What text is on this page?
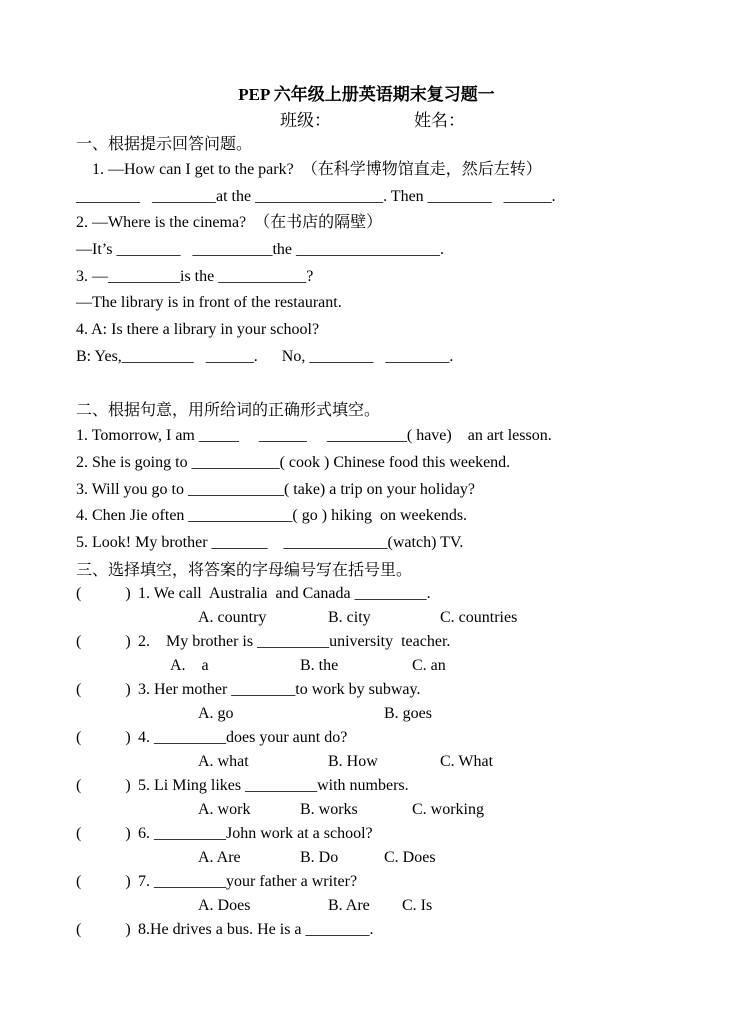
PEP 六年级上册英语期末复习题一
班级：	姓名：
一、根据提示回答问题。
1. —How can I get to the park?  （在科学博物馆直走，然后左转）
________   ________at the ________________. Then ________   ______.
2. —Where is the cinema?  （在书店的隔壁）
—It’s ________   __________the __________________.
3. —_________is the ___________?
—The library is in front of the restaurant.
4. A: Is there a library in your school?
B: Yes,_________   ______.      No, ________   ________.
二、根据句意，用所给词的正确形式填空。
1. Tomorrow, I am _____     ______     __________( have)    an art lesson.
2. She is going to ___________( cook ) Chinese food this weekend.
3. Will you go to ____________( take) a trip on your holiday?
4. Chen Jie often _____________( go ) hiking  on weekends.
5. Look! My brother _______    _____________(watch) TV.
三、选择填空，将答案的字母编号写在括号里。
(           ) 1. We call  Australia  and Canada _________.
A. country	B. city	C. countries
(           ) 2.    My brother is _________university  teacher.
A.    a	B. the	C. an
(           ) 3. Her mother ________to work by subway.
A. go	B. goes
(           ) 4. _________does your aunt do?
A. what	B. How	C. What
(           ) 5. Li Ming likes _________with numbers.
A. work	B. works	C. working
(           ) 6. _________John work at a school?
A. Are	B. Do	C. Does
(           ) 7. _________your father a writer?
A. Does	B. Are C. Is
(           ) 8.He drives a bus. He is a ________.
